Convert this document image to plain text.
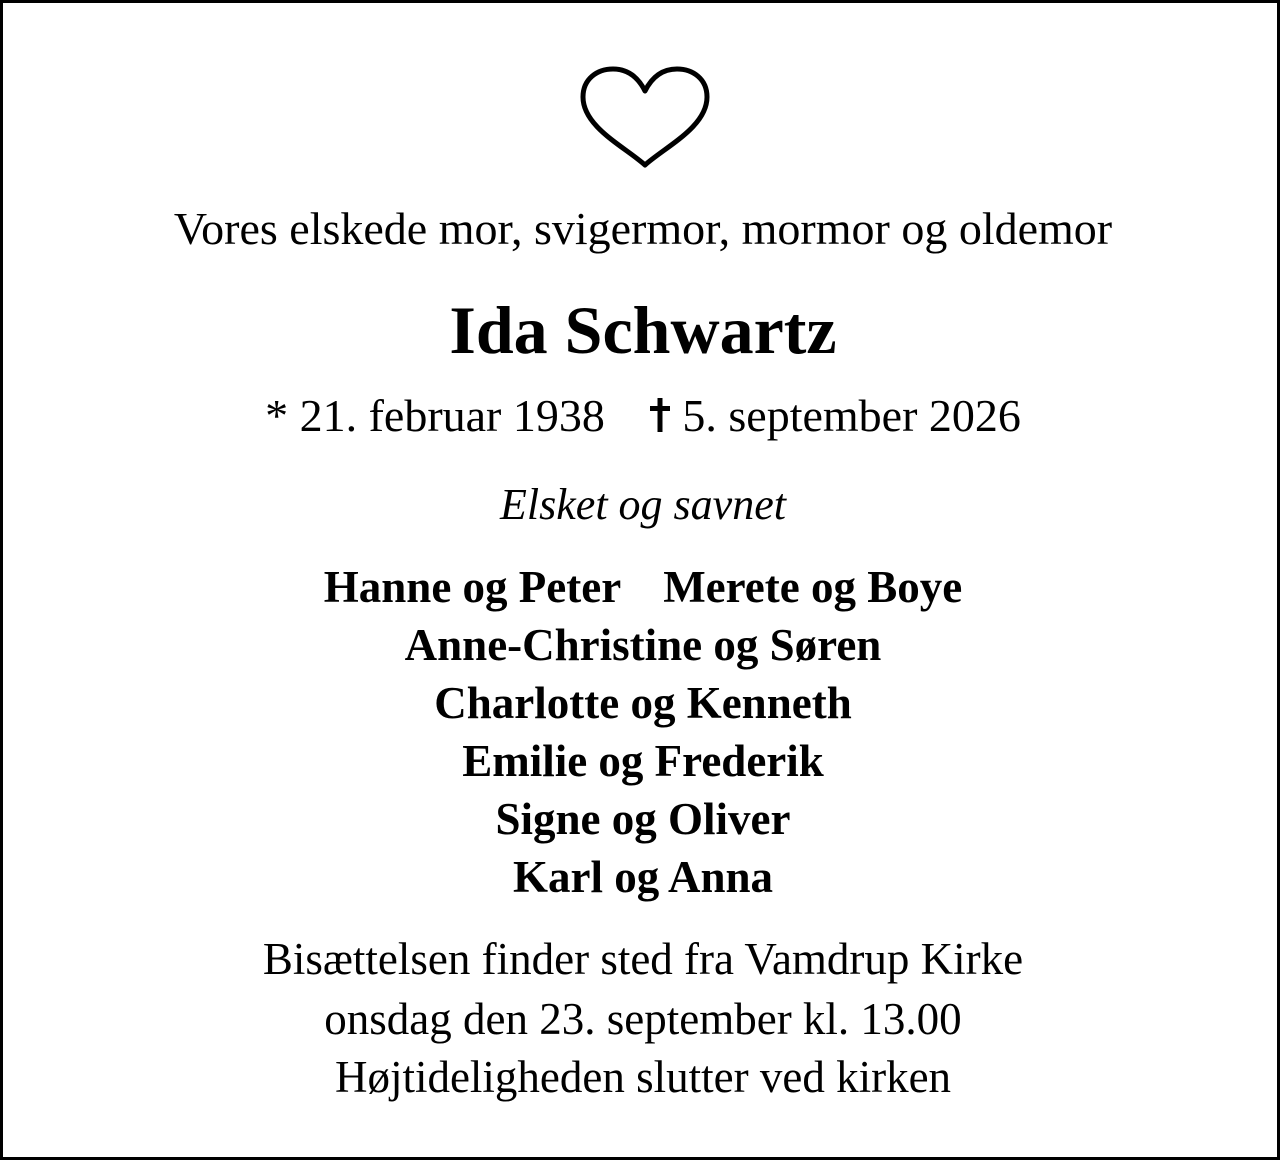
Vores elskede mor, svigermor, mormor og oldemor
Ida Schwartz
* 21. februar 1938 5. september 2026
Elsket og savnet
Hanne og Peter Merete og Boye
Anne-Christine og Søren
Charlotte og Kenneth
Emilie og Frederik
Signe og Oliver
Karl og Anna
Bisættelsen finder sted fra Vamdrup Kirke
onsdag den 23. september kl. 13.00
Højtideligheden slutter ved kirken
